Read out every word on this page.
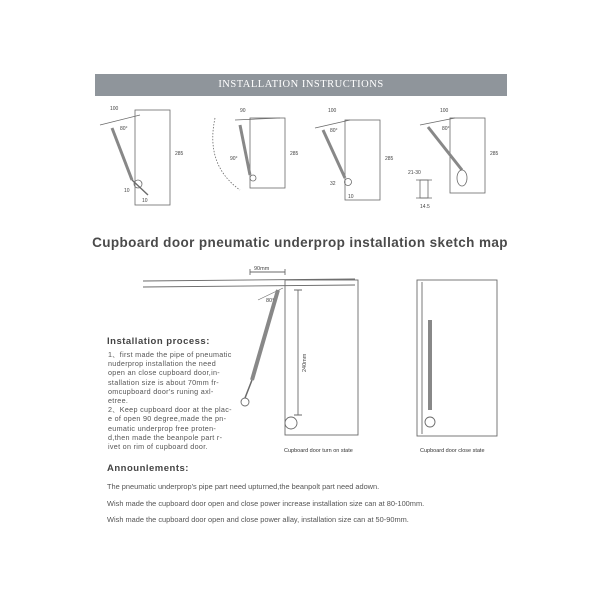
INSTALLATION INSTRUCTIONS
100
80°
285
10
10
90
90°
285
100
80°
285
32
10
100
80°
285
21-30
14.5
Cupboard door pneumatic underprop installation sketch map
90mm
80°
240mm
Cupboard door turn on state	Cupboard door close state
Installation process:
1、first made the pipe of pneumatic
nuderprop installation the need
open an close cupboard door,in-
stallation size is about 70mm fr-
omcupboard door's runing axl-
etree.
2、Keep cupboard door at the plac-
e of open 90 degree,made the pn-
eumatic underprop free proten-
d,then made the beanpole part r-
ivet on rim of cupboard door.
Announlements:
The pneumatic underprop's pipe part need upturned,the beanpolt part need adown.
Wish made the cupboard door open and close power increase installation size can at 80-100mm.
Wish made the cupboard door open and close power allay, installation size can at 50-90mm.
